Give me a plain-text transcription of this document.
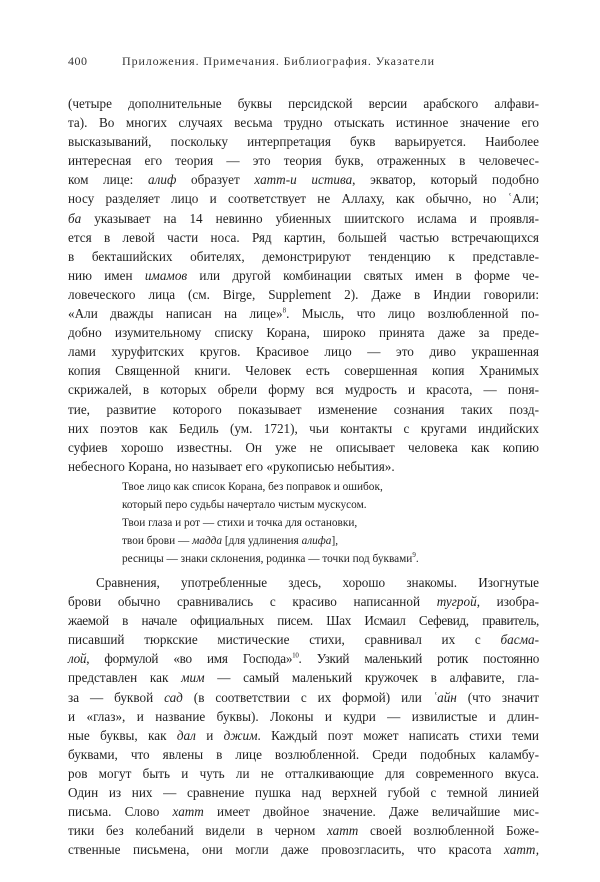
400	Приложения. Примечания. Библиография. Указатели
(четыре дополнительные буквы персидской версии арабского алфави-
та). Во многих случаях весьма трудно отыскать истинное значение его
высказываний, поскольку интерпретация букв варьируется. Наиболее
интересная его теория — это теория букв, отраженных в человечес-
ком лице: алиф образует хатт-и истива, экватор, который подобно
носу разделяет лицо и соответствует не Аллаху, как обычно, но ʿАли;
ба указывает на 14 невинно убиенных шиитского ислама и проявля-
ется в левой части носа. Ряд картин, большей частью встречающихся
в бекташийских обителях, демонстрируют тенденцию к представле-
нию имен имамов или другой комбинации святых имен в форме че-
ловеческого лица (см. Birge, Supplement 2). Даже в Индии говорили:
«Али дважды написан на лице»$^8$. Мысль, что лицо возлюбленной по-
добно изумительному списку Корана, широко принята даже за преде-
лами хуруфитских кругов. Красивое лицо — это диво украшенная
копия Священной книги. Человек есть совершенная копия Хранимых
скрижалей, в которых обрели форму вся мудрость и красота, — поня-
тие, развитие которого показывает изменение сознания таких позд-
них поэтов как Бедиль (ум. 1721), чьи контакты с кругами индийских
суфиев хорошо известны. Он уже не описывает человека как копию
небесного Корана, но называет его «рукописью небытия».
Твое лицо как список Корана, без поправок и ошибок,
который перо судьбы начертало чистым мускусом.
Твои глаза и рот — стихи и точка для остановки,
твои брови — мадда [для удлинения алифа],
ресницы — знаки склонения, родинка — точки под буквами$^9$.
Сравнения, употребленные здесь, хорошо знакомы. Изогнутые
брови обычно сравнивались с красиво написанной тугрой, изобра-
жаемой в начале официальных писем. Шах Исмаил Сефевид, правитель,
писавший тюркские мистические стихи, сравнивал их с басма-
лой, формулой «во имя Господа»$^{10}$. Узкий маленький ротик постоянно
представлен как мим — самый маленький кружочек в алфавите, гла-
за — буквой сад (в соответствии с их формой) или ʿайн (что значит
и «глаз», и название буквы). Локоны и кудри — извилистые и длин-
ные буквы, как дал и джим. Каждый поэт может написать стихи теми
буквами, что явлены в лице возлюбленной. Среди подобных каламбу-
ров могут быть и чуть ли не отталкивающие для современного вкуса.
Один из них — сравнение пушка над верхней губой с темной линией
письма. Слово хатт имеет двойное значение. Даже величайшие мис-
тики без колебаний видели в черном хатт своей возлюбленной Боже-
ственные письмена, они могли даже провозгласить, что красота хатт,
